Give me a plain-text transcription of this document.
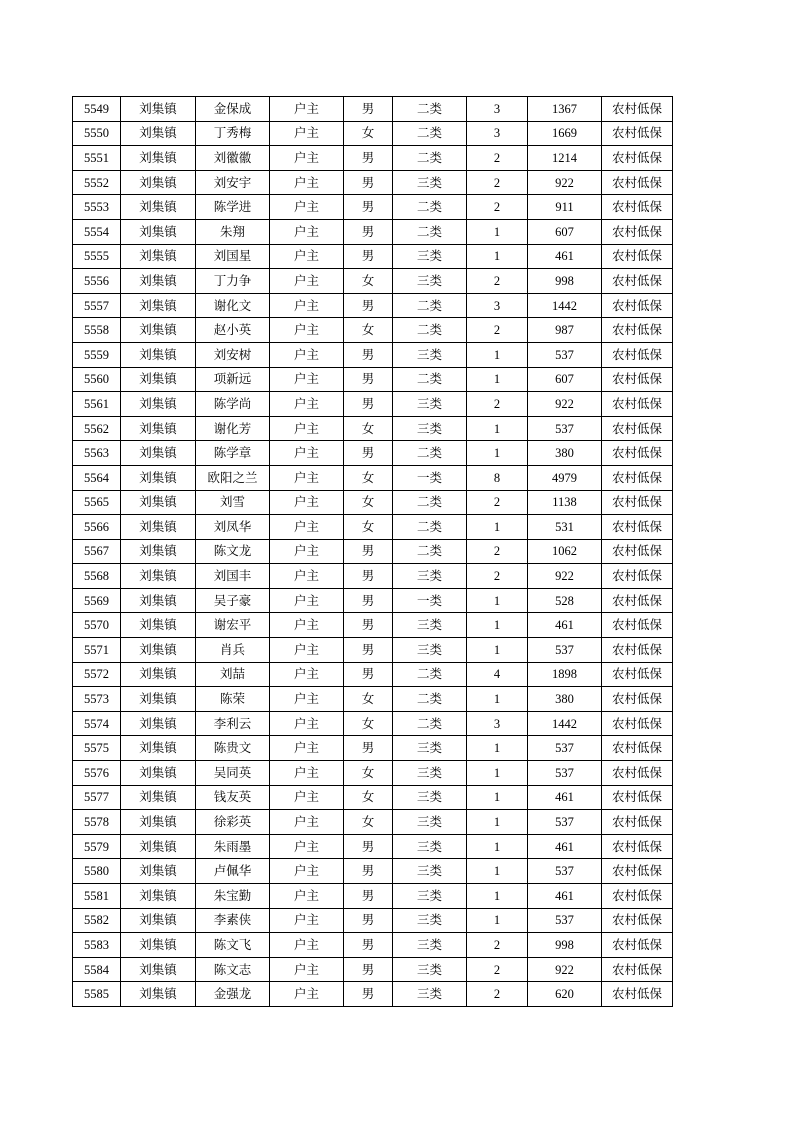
5549	刘集镇	金保成	户主	男	二类	3	1367	农村低保
5550	刘集镇	丁秀梅	户主	女	二类	3	1669	农村低保
5551	刘集镇	刘徽徽	户主	男	二类	2	1214	农村低保
5552	刘集镇	刘安宇	户主	男	三类	2	922	农村低保
5553	刘集镇	陈学进	户主	男	二类	2	911	农村低保
5554	刘集镇	朱翔	户主	男	二类	1	607	农村低保
5555	刘集镇	刘国星	户主	男	三类	1	461	农村低保
5556	刘集镇	丁力争	户主	女	三类	2	998	农村低保
5557	刘集镇	谢化文	户主	男	二类	3	1442	农村低保
5558	刘集镇	赵小英	户主	女	二类	2	987	农村低保
5559	刘集镇	刘安树	户主	男	三类	1	537	农村低保
5560	刘集镇	项新远	户主	男	二类	1	607	农村低保
5561	刘集镇	陈学尚	户主	男	三类	2	922	农村低保
5562	刘集镇	谢化芳	户主	女	三类	1	537	农村低保
5563	刘集镇	陈学章	户主	男	二类	1	380	农村低保
5564	刘集镇	欧阳之兰	户主	女	一类	8	4979	农村低保
5565	刘集镇	刘雪	户主	女	二类	2	1138	农村低保
5566	刘集镇	刘凤华	户主	女	二类	1	531	农村低保
5567	刘集镇	陈文龙	户主	男	二类	2	1062	农村低保
5568	刘集镇	刘国丰	户主	男	三类	2	922	农村低保
5569	刘集镇	吴子豪	户主	男	一类	1	528	农村低保
5570	刘集镇	谢宏平	户主	男	三类	1	461	农村低保
5571	刘集镇	肖兵	户主	男	三类	1	537	农村低保
5572	刘集镇	刘喆	户主	男	二类	4	1898	农村低保
5573	刘集镇	陈荣	户主	女	二类	1	380	农村低保
5574	刘集镇	李利云	户主	女	二类	3	1442	农村低保
5575	刘集镇	陈贵文	户主	男	三类	1	537	农村低保
5576	刘集镇	吴同英	户主	女	三类	1	537	农村低保
5577	刘集镇	钱友英	户主	女	三类	1	461	农村低保
5578	刘集镇	徐彩英	户主	女	三类	1	537	农村低保
5579	刘集镇	朱雨墨	户主	男	三类	1	461	农村低保
5580	刘集镇	卢佩华	户主	男	三类	1	537	农村低保
5581	刘集镇	朱宝勤	户主	男	三类	1	461	农村低保
5582	刘集镇	李素侠	户主	男	三类	1	537	农村低保
5583	刘集镇	陈文飞	户主	男	三类	2	998	农村低保
5584	刘集镇	陈文志	户主	男	三类	2	922	农村低保
5585	刘集镇	金强龙	户主	男	三类	2	620	农村低保
